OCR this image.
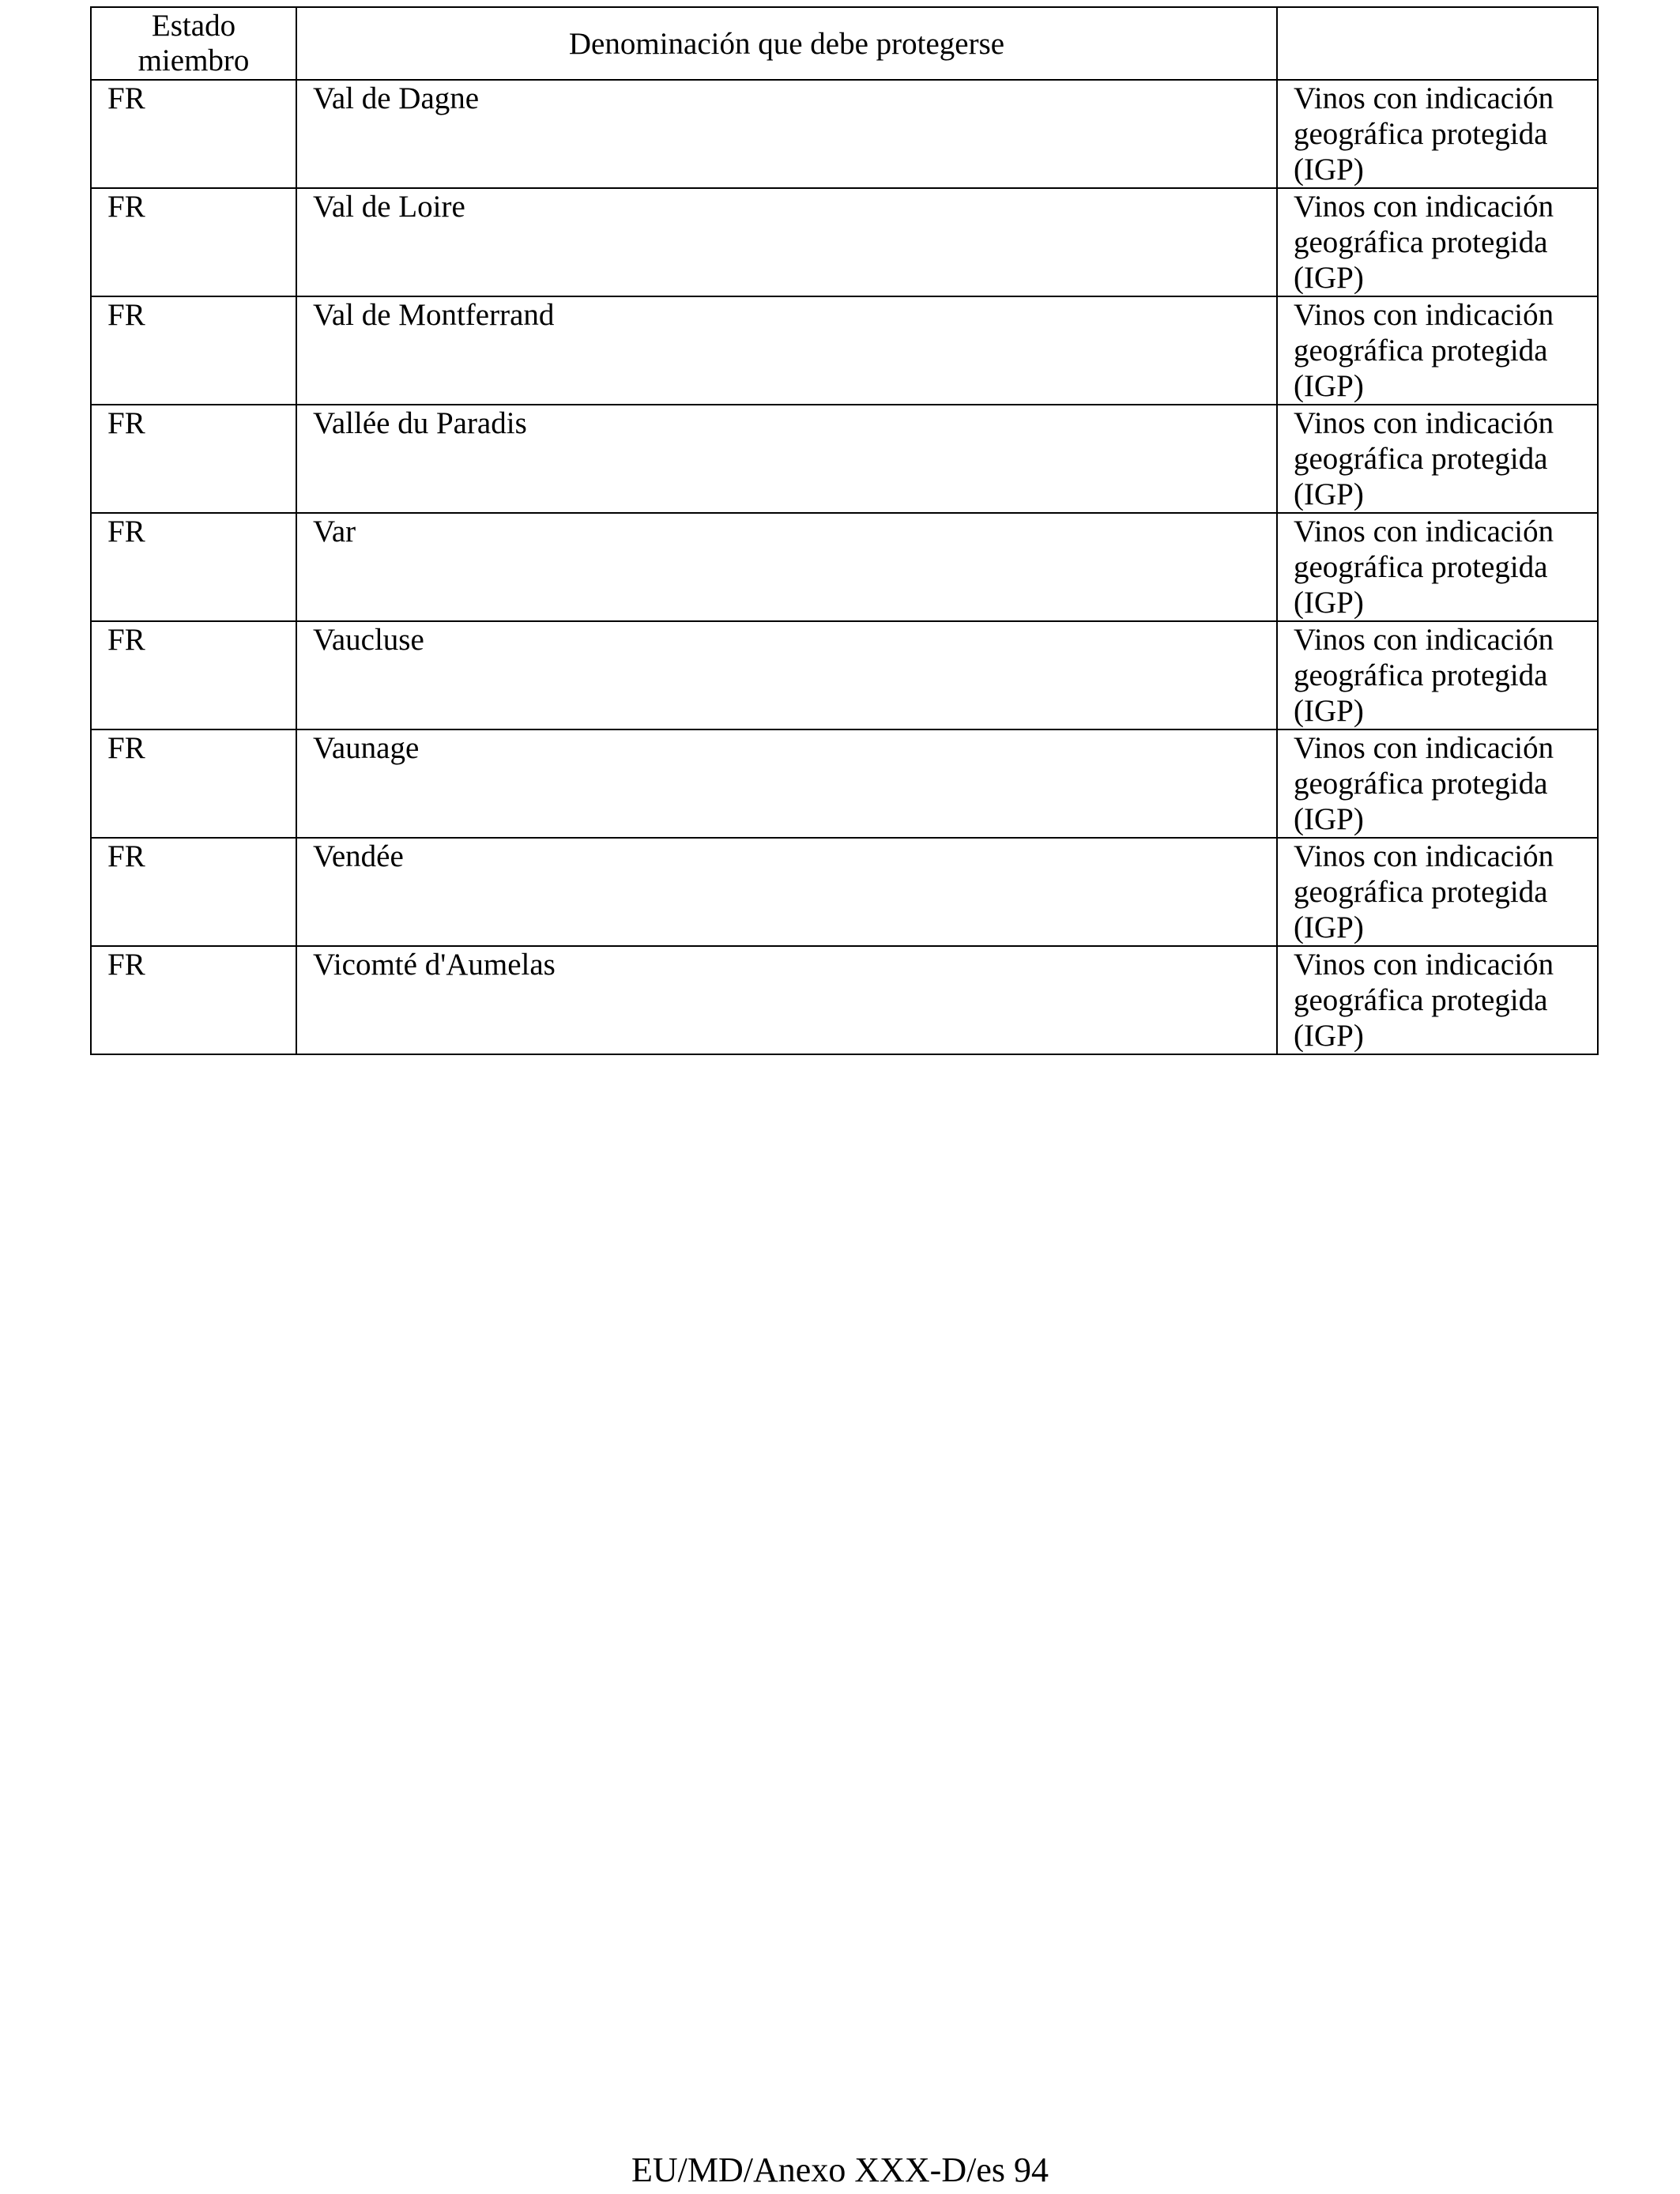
Estado
miembro	Denominación que debe protegerse	

FR	Val de Dagne	Vinos con indicación geográfica protegida (IGP)

FR	Val de Loire	Vinos con indicación geográfica protegida (IGP)

FR	Val de Montferrand	Vinos con indicación geográfica protegida (IGP)

FR	Vallée du Paradis	Vinos con indicación geográfica protegida (IGP)

FR	Var	Vinos con indicación geográfica protegida (IGP)

FR	Vaucluse	Vinos con indicación geográfica protegida (IGP)

FR	Vaunage	Vinos con indicación geográfica protegida (IGP)

FR	Vendée	Vinos con indicación geográfica protegida (IGP)

FR	Vicomté d'Aumelas	Vinos con indicación geográfica protegida (IGP)
EU/MD/Anexo XXX-D/es 94
